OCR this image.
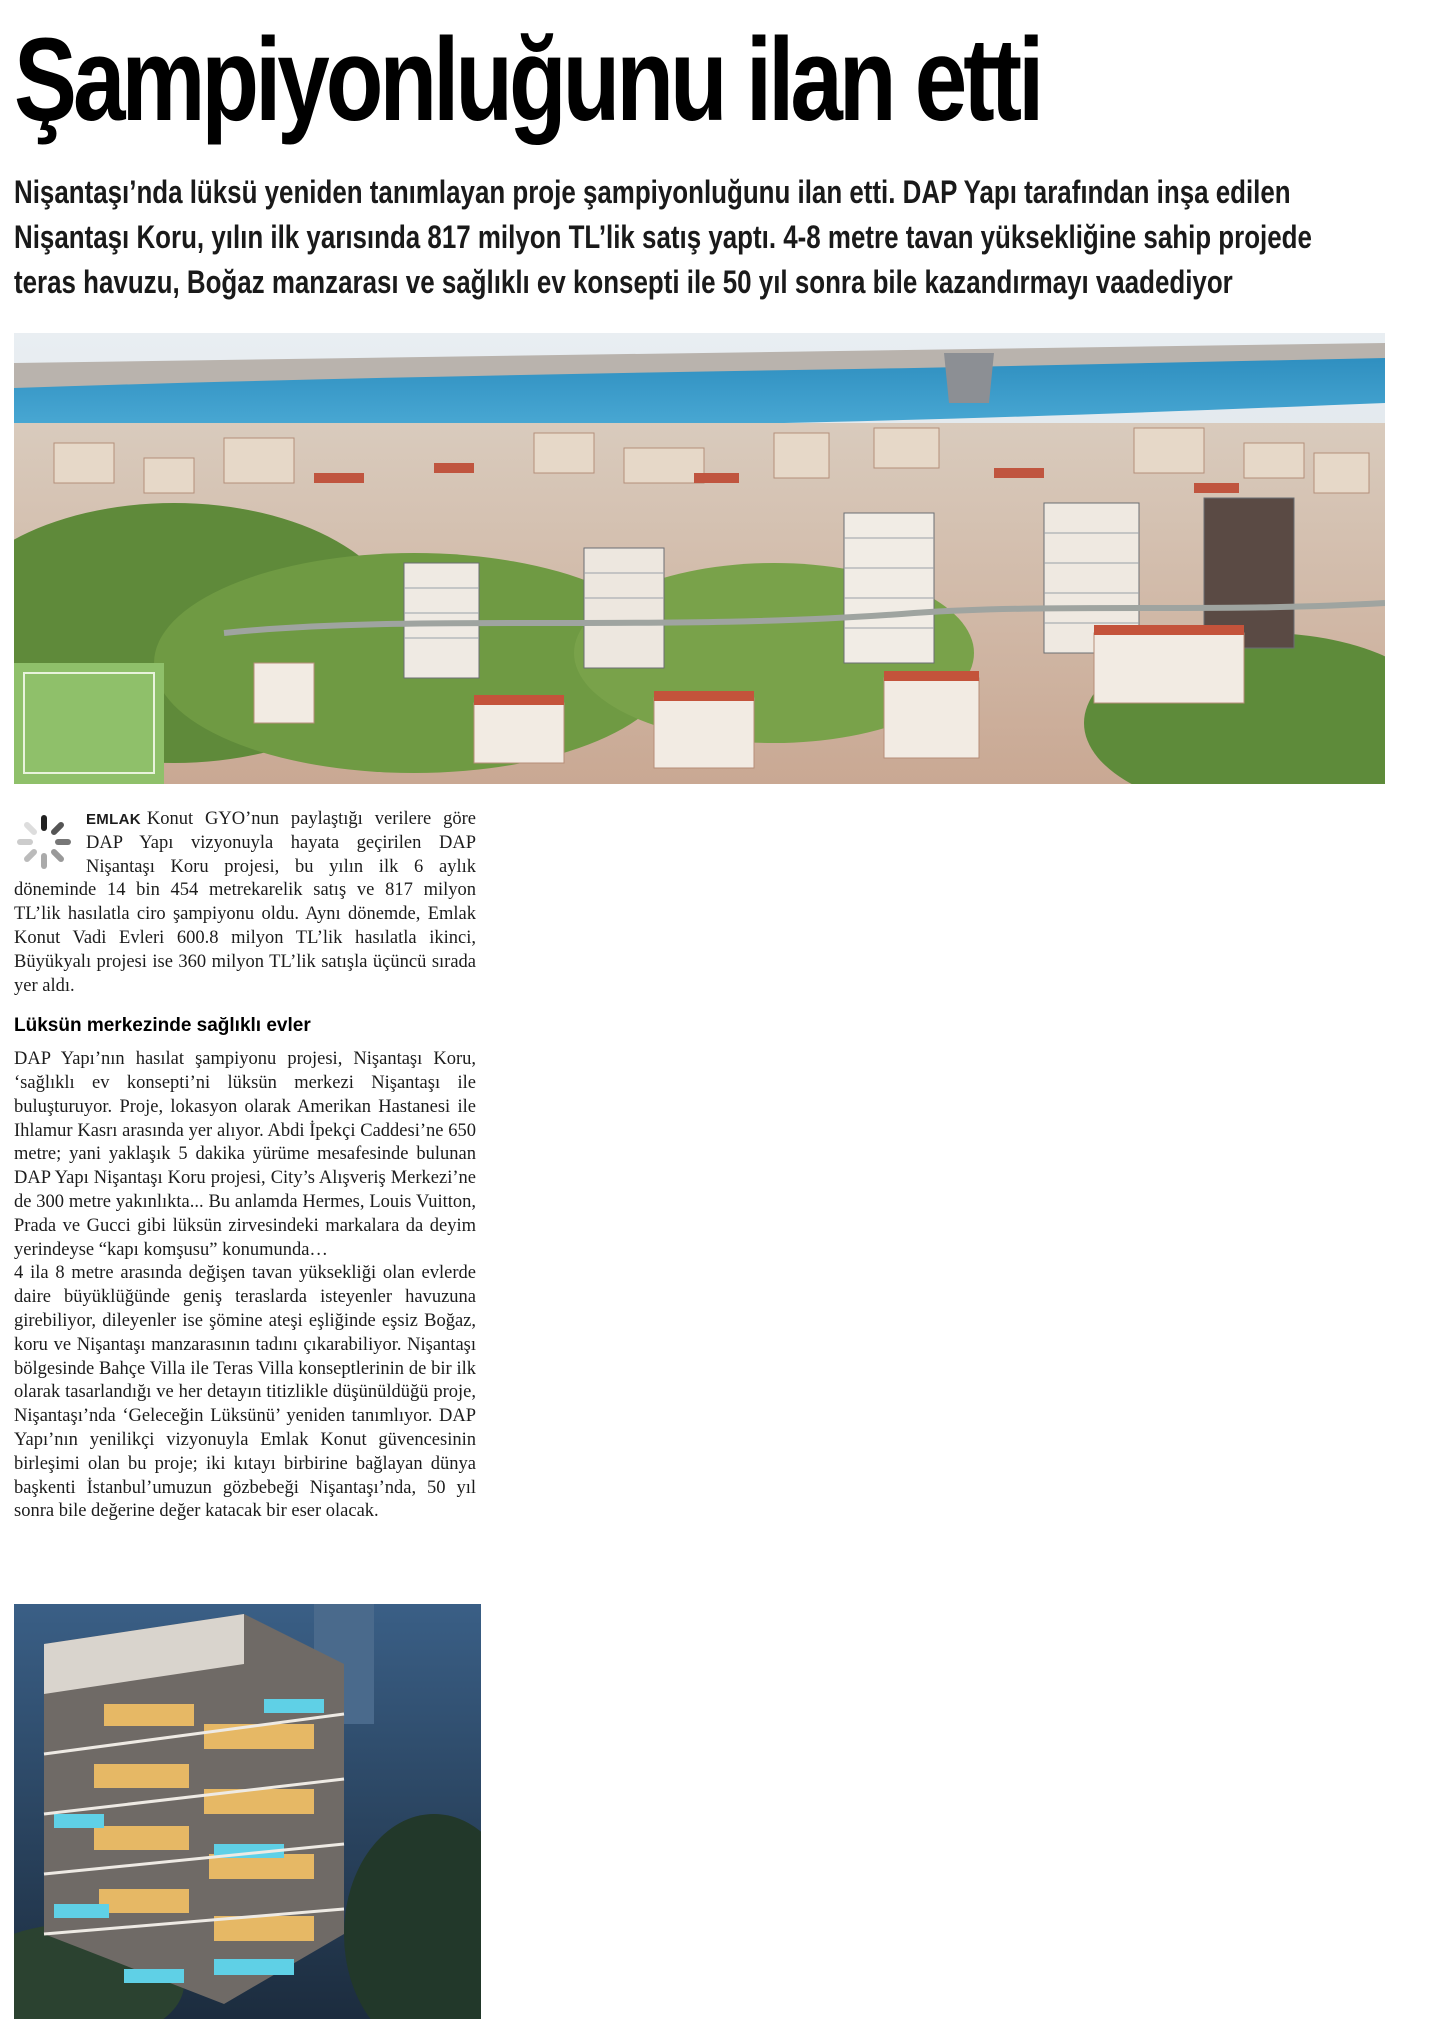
Şampiyonluğunu ilan etti
Nişantaşı’nda lüksü yeniden tanımlayan proje şampiyonluğunu ilan etti. DAP Yapı tarafından inşa edilen
Nişantaşı Koru, yılın ilk yarısında 817 milyon TL’lik satış yaptı. 4-8 metre tavan yüksekliğine sahip projede
teras havuzu, Boğaz manzarası ve sağlıklı ev konsepti ile 50 yıl sonra bile kazandırmayı vaadediyor

EMLAK Konut GYO’nun paylaştığı verilere göre DAP Yapı vizyonuyla hayata geçirilen DAP Nişantaşı Koru projesi, bu yılın ilk 6 aylık döneminde 14 bin 454 metrekarelik satış ve 817 milyon TL’lik hasılatla ciro şampiyonu oldu. Aynı dönemde, Emlak Konut Vadi Evleri 600.8 milyon TL’lik hasılatla ikinci, Büyükyalı projesi ise 360 milyon TL’lik satışla üçüncü sırada yer aldı.

Lüksün merkezinde sağlıklı evler

DAP Yapı’nın hasılat şampiyonu projesi, Nişantaşı Koru, ‘sağlıklı ev konsepti’ni lüksün merkezi Nişantaşı ile buluşturuyor. Proje, lokasyon olarak Amerikan Hastanesi ile Ihlamur Kasrı arasında yer alıyor. Abdi İpekçi Caddesi’ne 650 metre; yani yaklaşık 5 dakika yürüme mesafesinde bulunan DAP Yapı Nişantaşı Koru projesi, City’s Alışveriş Merkezi’ne de 300 metre yakınlıkta... Bu anlamda Hermes, Louis Vuitton, Prada ve Gucci gibi lüksün zirvesindeki markalara da deyim yerindeyse “kapı komşusu” konumunda…

4 ila 8 metre arasında değişen tavan yüksekliği olan evlerde daire büyüklüğünde geniş teraslarda isteyenler havuzuna girebiliyor, dileyenler ise şömine ateşi eşliğinde eşsiz Boğaz, koru ve Nişantaşı manzarasının tadını çıkarabiliyor. Nişantaşı bölgesinde Bahçe Villa ile Teras Villa konseptlerinin de bir ilk olarak tasarlandığı ve her detayın titizlikle düşünüldüğü proje, Nişantaşı’nda ‘Geleceğin Lüksünü’ yeniden tanımlıyor. DAP Yapı’nın yenilikçi vizyonuyla Emlak Konut güvencesinin birleşimi olan bu proje; iki kıtayı birbirine bağlayan dünya başkenti İstanbul’umuzun gözbebeği Nişantaşı’nda, 50 yıl sonra bile değerine değer katacak bir eser olacak.
